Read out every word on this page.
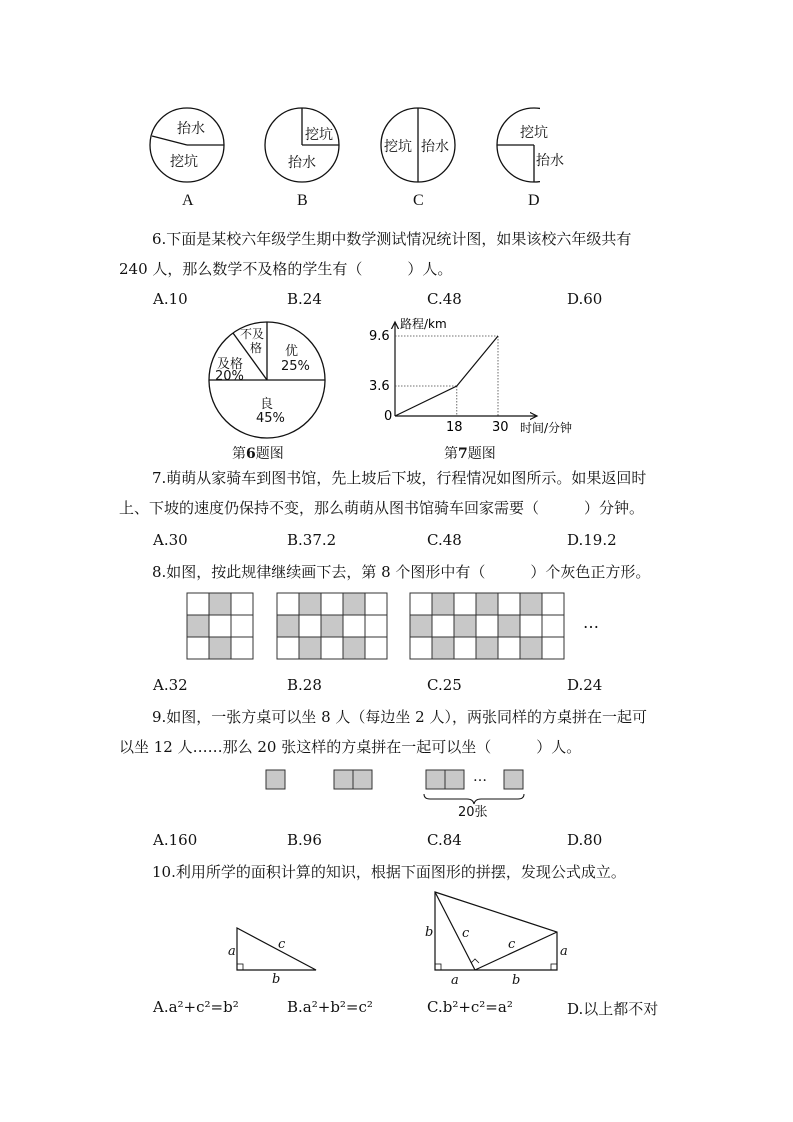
抬水
挖坑
挖坑
抬水
挖坑 抬水
挖坑
抬水
A	B	C	D
6.下面是某校六年级学生期中数学测试情况统计图，如果该校六年级共有
240 人，那么数学不及格的学生有（　　　）人。
A.10	B.24	C.48	D.60
不及
格
及格
20%
优
25%
良
45%
第6题图
路程/km
时间/分钟
9.6
3.6
0
18 30
第7题图
7.萌萌从家骑车到图书馆，先上坡后下坡，行程情况如图所示。如果返回时
上、下坡的速度仍保持不变，那么萌萌从图书馆骑车回家需要（　　　）分钟。
A.30	B.37.2	C.48	D.19.2
8.如图，按此规律继续画下去，第 8 个图形中有（　　　）个灰色正方形。
…
A.32	B.28	C.25	D.24
9.如图，一张方桌可以坐 8 人（每边坐 2 人），两张同样的方桌拼在一起可
以坐 12 人……那么 20 张这样的方桌拼在一起可以坐（　　　）人。
…
20张
A.160	B.96	C.84	D.80
10.利用所学的面积计算的知识，根据下面图形的拼摆，发现公式成立。
a	c
b
b c
c	a
a	b
A.a²+c²=b²	B.a²+b²=c²	C.b²+c²=a²	D.以上都不对
